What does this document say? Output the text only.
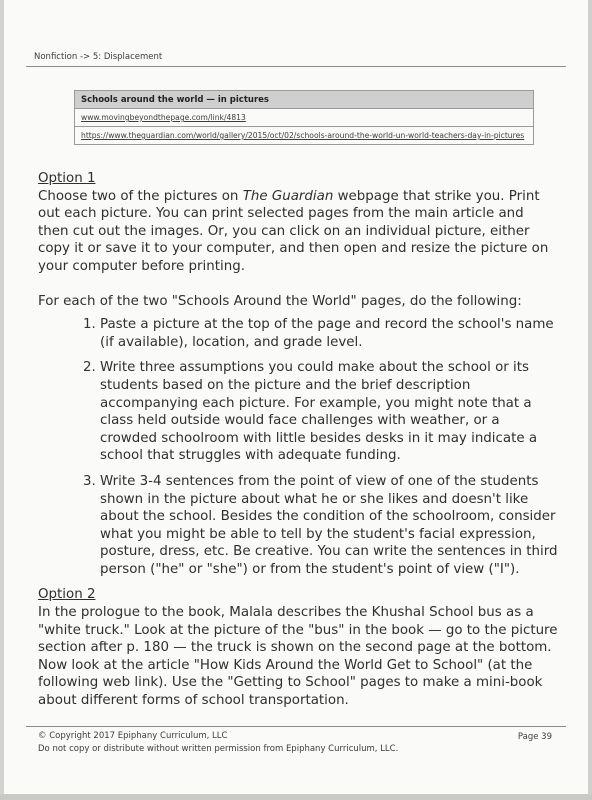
Nonfiction -> 5: Displacement
Schools around the world — in pictures
www.movingbeyondthepage.com/link/4813
https://www.theguardian.com/world/gallery/2015/oct/02/schools-around-the-world-un-world-teachers-day-in-pictures
Option 1

Choose two of the pictures on The Guardian webpage that strike you. Print out each picture. You can print selected pages from the main article and then cut out the images. Or, you can click on an individual picture, either copy it or save it to your computer, and then open and resize the picture on your computer before printing.

For each of the two "Schools Around the World" pages, do the following:

1. Paste a picture at the top of the page and record the school's name (if available), location, and grade level.
2. Write three assumptions you could make about the school or its students based on the picture and the brief description accompanying each picture. For example, you might note that a class held outside would face challenges with weather, or a crowded schoolroom with little besides desks in it may indicate a school that struggles with adequate funding.
3. Write 3-4 sentences from the point of view of one of the students shown in the picture about what he or she likes and doesn't like about the school. Besides the condition of the schoolroom, consider what you might be able to tell by the student's facial expression, posture, dress, etc. Be creative. You can write the sentences in third person ("he" or "she") or from the student's point of view ("I").
Option 2

In the prologue to the book, Malala describes the Khushal School bus as a "white truck." Look at the picture of the "bus" in the book — go to the picture section after p. 180 — the truck is shown on the second page at the bottom. Now look at the article "How Kids Around the World Get to School" (at the following web link). Use the "Getting to School" pages to make a mini-book about different forms of school transportation.

© Copyright 2017 Epiphany Curriculum, LLC
Do not copy or distribute without written permission from Epiphany Curriculum, LLC.
Page 39
